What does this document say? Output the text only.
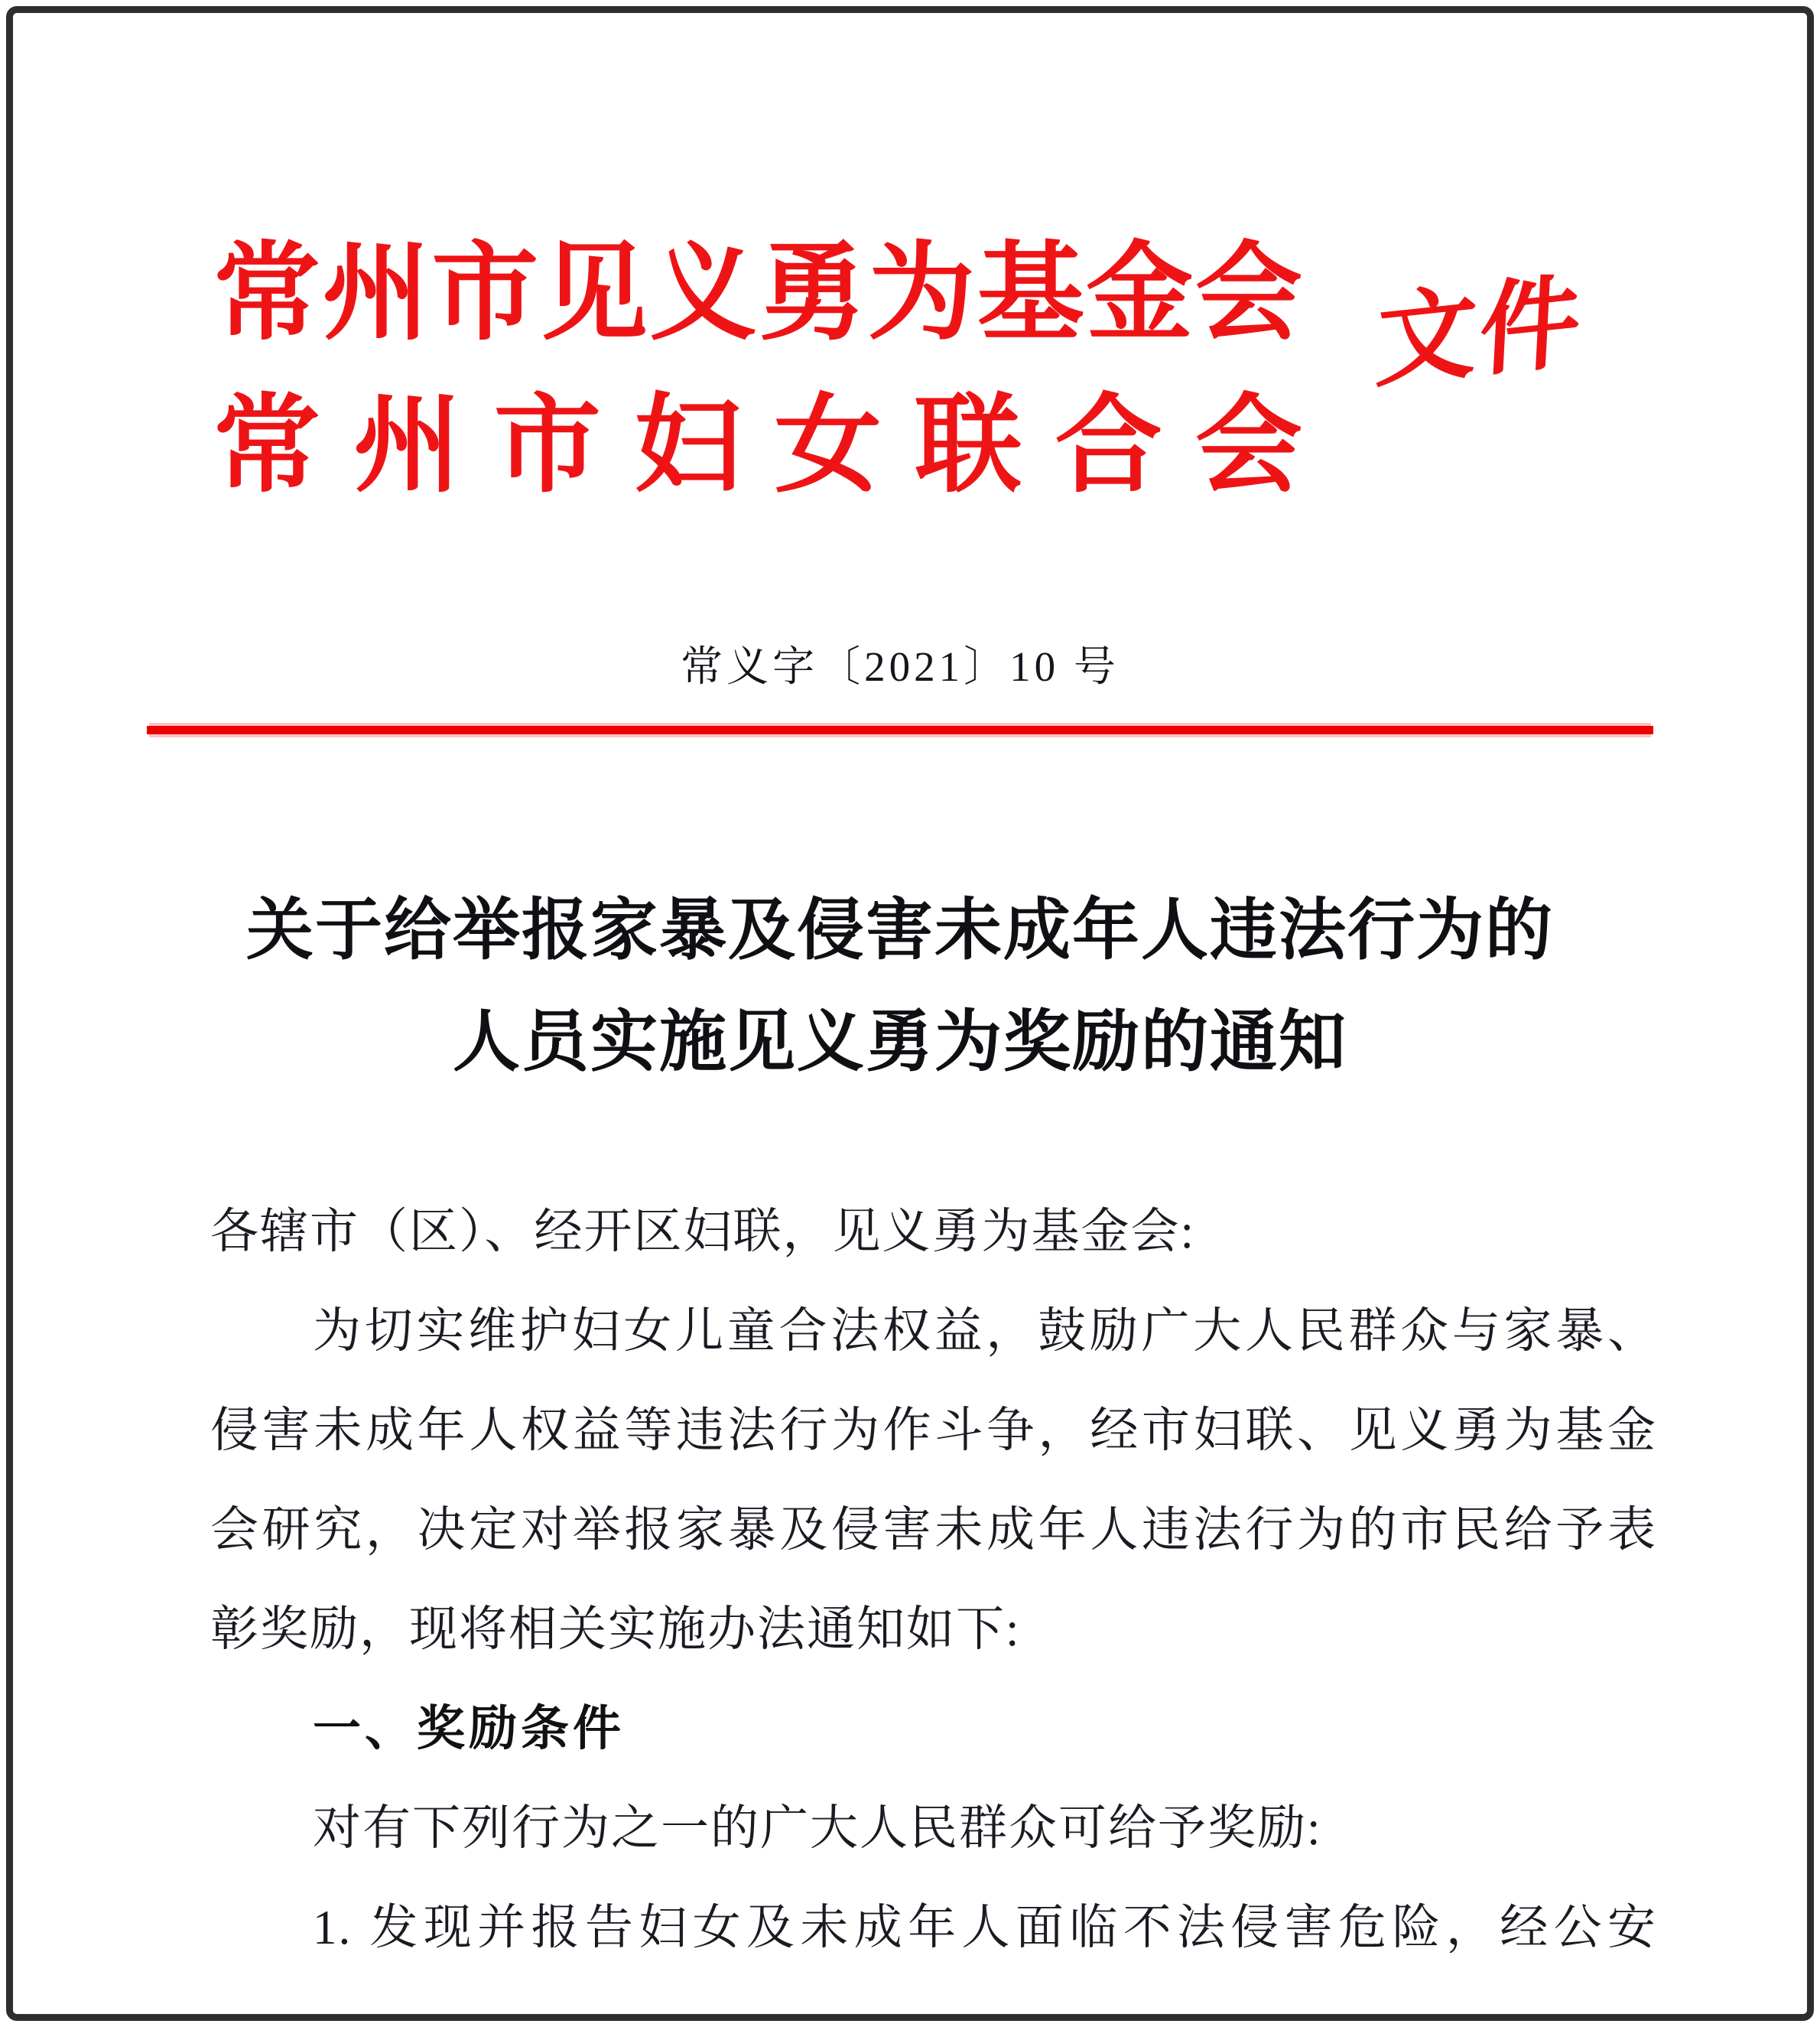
常州市见义勇为基金会
常州市妇女联合会
文件
常义字〔2021〕10 号
关于给举报家暴及侵害未成年人违法行为的
人员实施见义勇为奖励的通知
各辖市（区）、经开区妇联，见义勇为基金会:
为切实维护妇女儿童合法权益，鼓励广大人民群众与家暴、
侵害未成年人权益等违法行为作斗争，经市妇联、见义勇为基金
会研究，决定对举报家暴及侵害未成年人违法行为的市民给予表
彰奖励，现将相关实施办法通知如下:
一、奖励条件
对有下列行为之一的广大人民群众可给予奖励:
1. 发现并报告妇女及未成年人面临不法侵害危险，经公安
